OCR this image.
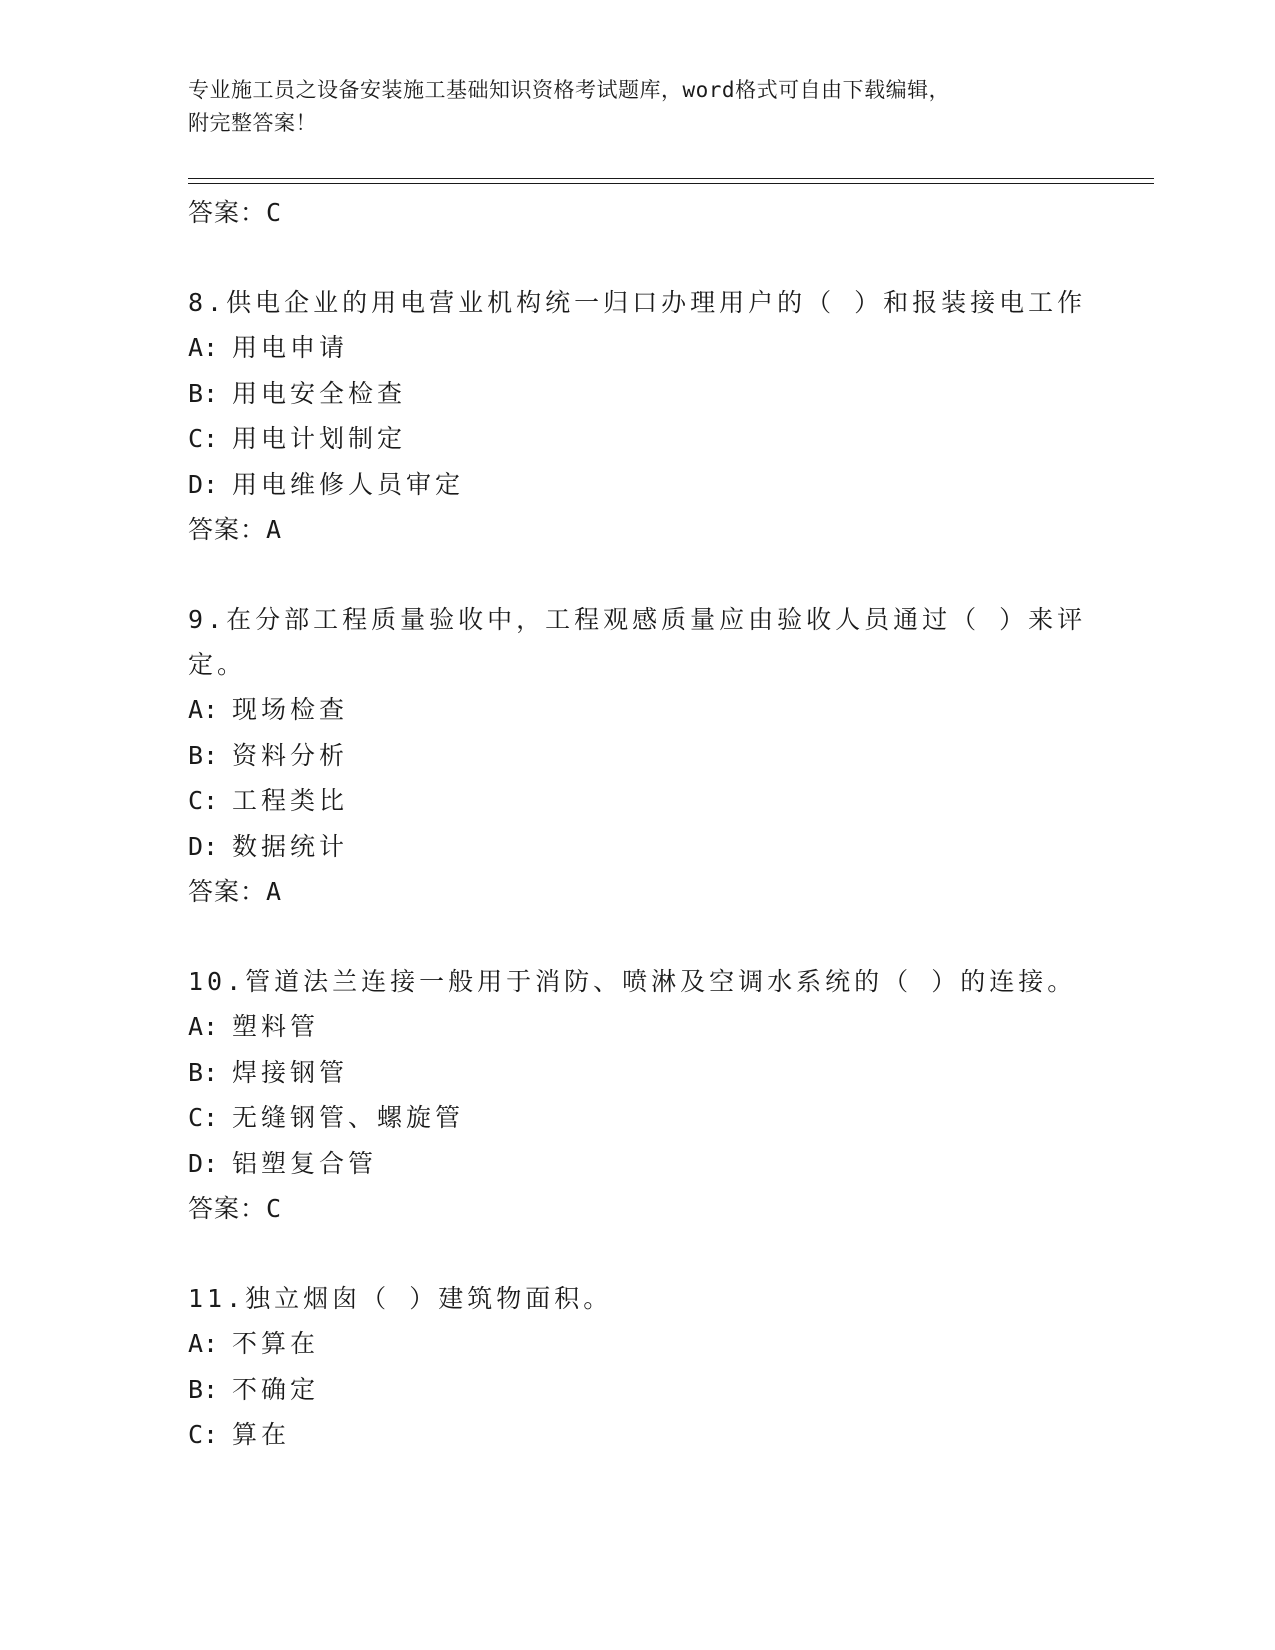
专业施工员之设备安装施工基础知识资格考试题库，word格式可自由下载编辑，
附完整答案！
答案：C
8.供电企业的用电营业机构统一归口办理用户的（ ）和报装接电工作
A: 用电申请
B: 用电安全检查
C: 用电计划制定
D: 用电维修人员审定
答案：A
9.在分部工程质量验收中，工程观感质量应由验收人员通过（ ）来评定。
A: 现场检查
B: 资料分析
C: 工程类比
D: 数据统计
答案：A
10.管道法兰连接一般用于消防、喷淋及空调水系统的（ ）的连接。
A: 塑料管
B: 焊接钢管
C: 无缝钢管、螺旋管
D: 铝塑复合管
答案：C
11.独立烟囱（ ）建筑物面积。
A: 不算在
B: 不确定
C: 算在
